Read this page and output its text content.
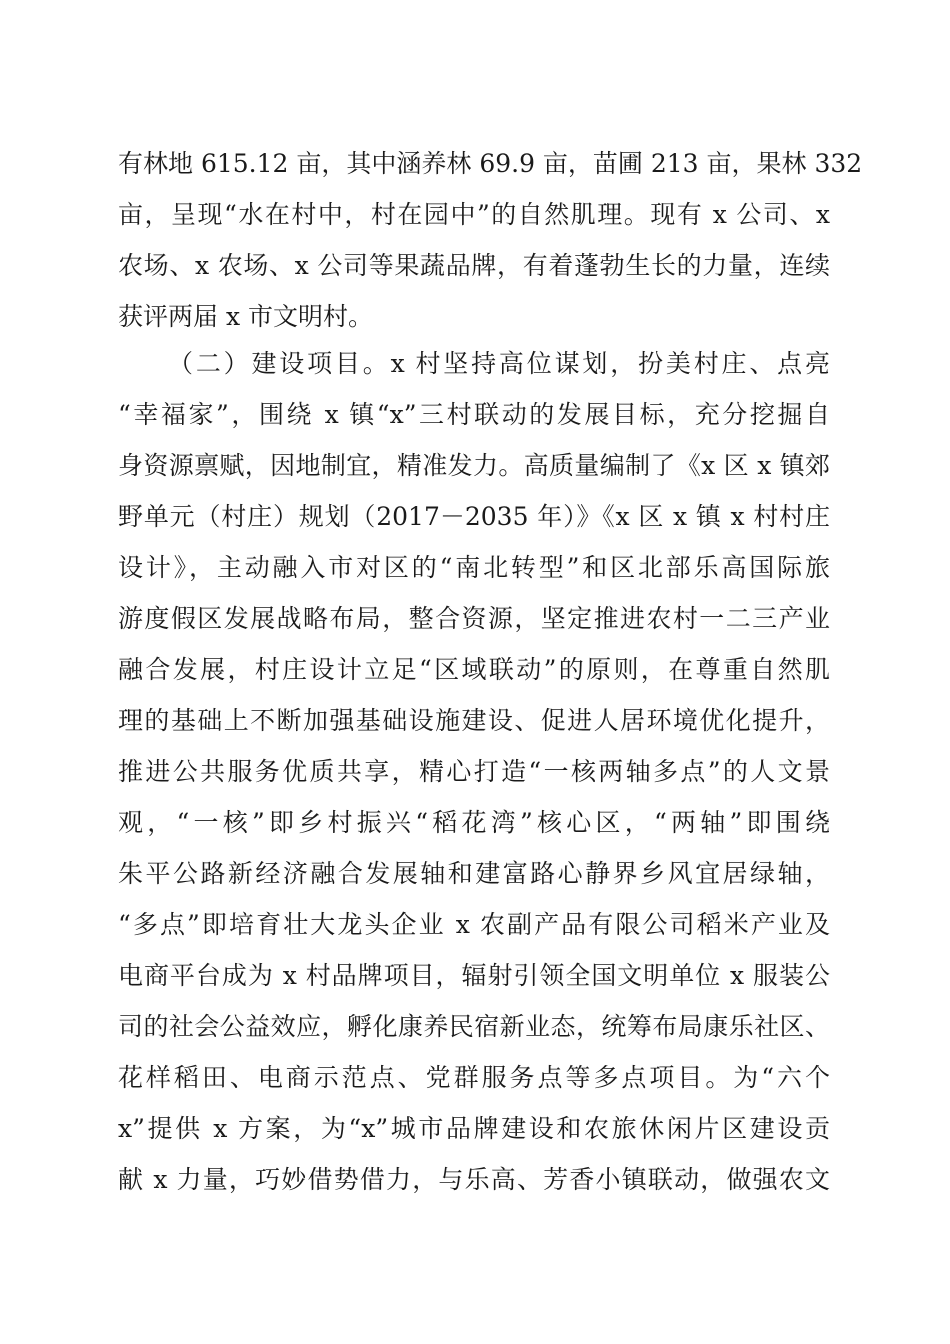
有林地 615.12 亩，其中涵养林 69.9 亩，苗圃 213 亩，果林 332
亩，呈现“水在村中，村在园中”的自然肌理。现有 x 公司、x
农场、x 农场、x 公司等果蔬品牌，有着蓬勃生长的力量，连续
获评两届 x 市文明村。
（二）建设项目。x 村坚持高位谋划，扮美村庄、点亮
“幸福家”，围绕 x 镇“x”三村联动的发展目标，充分挖掘自
身资源禀赋，因地制宜，精准发力。高质量编制了《x 区 x 镇郊
野单元（村庄）规划（2017－2035 年）》《x 区 x 镇 x 村村庄
设计》，主动融入市对区的“南北转型”和区北部乐高国际旅
游度假区发展战略布局，整合资源，坚定推进农村一二三产业
融合发展，村庄设计立足“区域联动”的原则，在尊重自然肌
理的基础上不断加强基础设施建设、促进人居环境优化提升，
推进公共服务优质共享，精心打造“一核两轴多点”的人文景
观，“一核”即乡村振兴“稻花湾”核心区，“两轴”即围绕
朱平公路新经济融合发展轴和建富路心静界乡风宜居绿轴，
“多点”即培育壮大龙头企业 x 农副产品有限公司稻米产业及
电商平台成为 x 村品牌项目，辐射引领全国文明单位 x 服装公
司的社会公益效应，孵化康养民宿新业态，统筹布局康乐社区、
花样稻田、电商示范点、党群服务点等多点项目。为“六个
x”提供 x 方案，为“x”城市品牌建设和农旅休闲片区建设贡
献 x 力量，巧妙借势借力，与乐高、芳香小镇联动，做强农文
